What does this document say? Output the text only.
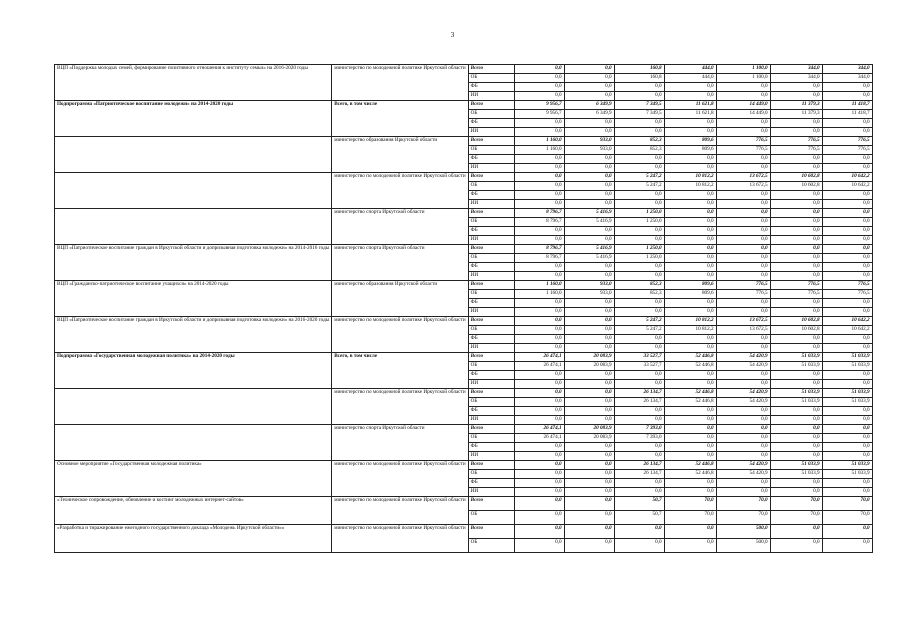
3
ВЦП «Поддержка молодых семей, формирование позитивного отношения к институту семьи» на 2016-2020 годы	министерство по молодежной политике Иркутской области	Всего	0,0	0,0	160,8	444,0	1 100,0	344,0	344,0
		ОБ	0,0	0,0	160,8	444,0	1 100,0	344,0	344,0
		ФБ	0,0	0,0	0,0	0,0	0,0	0,0	0,0
		ИИ	0,0	0,0	0,0	0,0	0,0	0,0	0,0
Подпрограмма «Патриотическое воспитание молодежи» на 2014-2020 годы	Всего, в том числе	Всего	9 956,7	6 349,9	7 349,5	11 621,8	14 449,0	11 379,3	11 418,7
		ОБ	9 956,7	6 349,9	7 349,5	11 621,8	14 449,0	11 379,3	11 418,7
		ФБ	0,0	0,0	0,0	0,0	0,0	0,0	0,0
		ИИ	0,0	0,0	0,0	0,0	0,0	0,0	0,0
	министерство образования Иркутской области	Всего	1 160,0	933,0	852,3	809,6	776,5	776,5	776,5
		ОБ	1 160,0	933,0	852,3	809,6	776,5	776,5	776,5
		ФБ	0,0	0,0	0,0	0,0	0,0	0,0	0,0
		ИИ	0,0	0,0	0,0	0,0	0,0	0,0	0,0
	министерство по молодежной политике Иркутской области	Всего	0,0	0,0	5 247,2	10 812,2	13 672,5	10 602,8	10 642,2
		ОБ	0,0	0,0	5 247,2	10 812,2	13 672,5	10 602,8	10 642,2
		ФБ	0,0	0,0	0,0	0,0	0,0	0,0	0,0
		ИИ	0,0	0,0	0,0	0,0	0,0	0,0	0,0
	министерство спорта Иркутской области	Всего	8 796,7	5 416,9	1 250,0	0,0	0,0	0,0	0,0
		ОБ	8 796,7	5 416,9	1 250,0	0,0	0,0	0,0	0,0
		ФБ	0,0	0,0	0,0	0,0	0,0	0,0	0,0
		ИИ	0,0	0,0	0,0	0,0	0,0	0,0	0,0
ВЦП «Патриотическое воспитание граждан в Иркутской области и допризывная подготовка молодежи» на 2014-2016 годы	министерство спорта Иркутской области	Всего	8 796,7	5 416,9	1 250,0	0,0	0,0	0,0	0,0
		ОБ	8 796,7	5 416,9	1 250,0	0,0	0,0	0,0	0,0
		ФБ	0,0	0,0	0,0	0,0	0,0	0,0	0,0
		ИИ	0,0	0,0	0,0	0,0	0,0	0,0	0,0
ВЦП «Гражданско-патриотическое воспитание учащихся» на 2014-2020 годы	министерство образования Иркутской области	Всего	1 160,0	933,0	852,3	809,6	776,5	776,5	776,5
		ОБ	1 160,0	933,0	852,3	809,6	776,5	776,5	776,5
		ФБ	0,0	0,0	0,0	0,0	0,0	0,0	0,0
		ИИ	0,0	0,0	0,0	0,0	0,0	0,0	0,0
ВЦП «Патриотическое воспитание граждан в Иркутской области и допризывная подготовка молодежи» на 2016-2020 годы	министерство по молодежной политике Иркутской области	Всего	0,0	0,0	5 247,2	10 812,2	13 672,5	10 602,8	10 642,2
		ОБ	0,0	0,0	5 247,2	10 812,2	13 672,5	10 602,8	10 642,2
		ФБ	0,0	0,0	0,0	0,0	0,0	0,0	0,0
		ИИ	0,0	0,0	0,0	0,0	0,0	0,0	0,0
Подпрограмма «Государственная молодежная политика» на 2014-2020 годы	Всего, в том числе	Всего	26 474,1	20 083,9	33 527,7	52 446,8	54 420,9	51 033,9	51 033,9
		ОБ	26 474,1	20 083,9	33 527,7	52 446,8	54 420,9	51 033,9	51 033,9
		ФБ	0,0	0,0	0,0	0,0	0,0	0,0	0,0
		ИИ	0,0	0,0	0,0	0,0	0,0	0,0	0,0
	министерство по молодежной политике Иркутской области	Всего	0,0	0,0	26 134,7	52 446,8	54 420,9	51 033,9	51 033,9
		ОБ	0,0	0,0	26 134,7	52 446,8	54 420,9	51 033,9	51 033,9
		ФБ	0,0	0,0	0,0	0,0	0,0	0,0	0,0
		ИИ	0,0	0,0	0,0	0,0	0,0	0,0	0,0
	министерство спорта Иркутской области	Всего	26 474,1	20 083,9	7 393,0	0,0	0,0	0,0	0,0
		ОБ	26 474,1	20 083,9	7 393,0	0,0	0,0	0,0	0,0
		ФБ	0,0	0,0	0,0	0,0	0,0	0,0	0,0
		ИИ	0,0	0,0	0,0	0,0	0,0	0,0	0,0
Основное мероприятие «Государственная молодежная политика»	министерство по молодежной политике Иркутской области	Всего	0,0	0,0	26 134,7	52 446,8	54 420,9	51 033,9	51 033,9
		ОБ	0,0	0,0	26 134,7	52 446,8	54 420,9	51 033,9	51 033,9
		ФБ	0,0	0,0	0,0	0,0	0,0	0,0	0,0
		ИИ	0,0	0,0	0,0	0,0	0,0	0,0	0,0
«Техническое сопровождение, обновление и костинг молодежных интернет-сайтов»	министерство по молодежной политике Иркутской области	Всего	0,0	0,0	50,7	70,0	70,0	70,0	70,0
		ОБ	0,0	0,0	50,7	70,0	70,0	70,0	70,0
«Разработка и тиражирование ежегодного государственного доклада «Молодежь Иркутской области»»	министерство по молодежной политике Иркутской области	Всего	0,0	0,0	0,0	0,0	500,0	0,0	0,0
		ОБ	0,0	0,0	0,0	0,0	500,0	0,0	0,0
